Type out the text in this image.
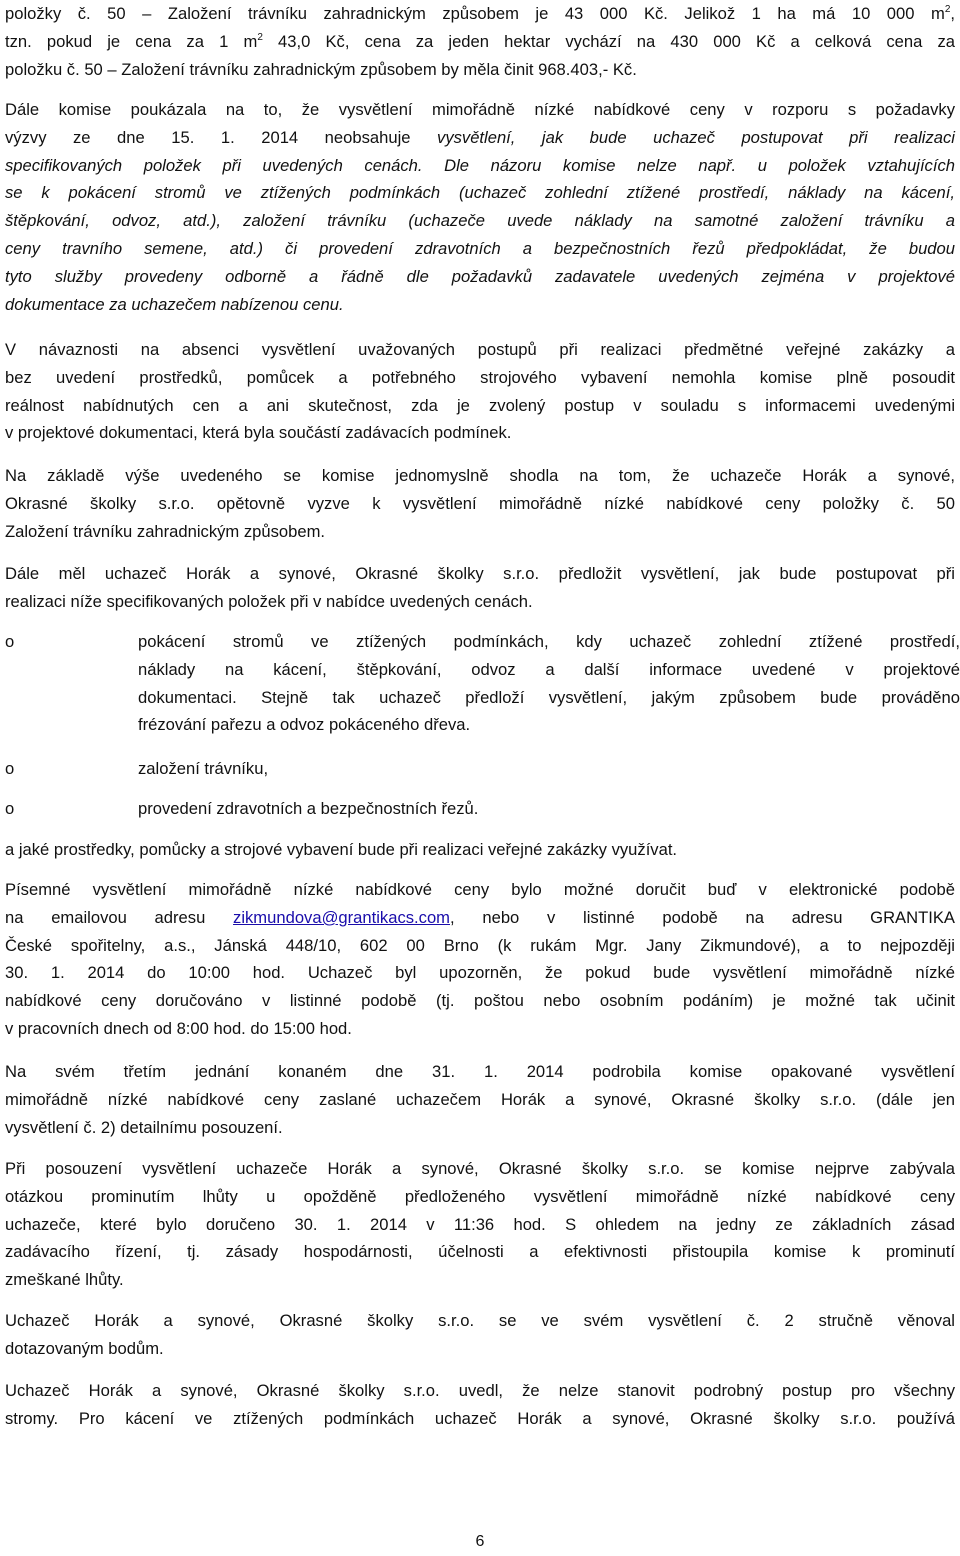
položky č. 50 – Založení trávníku zahradnickým způsobem je 43 000 Kč. Jelikož 1 ha má 10 000 $m^2$,
tzn. pokud je cena za 1 $m^2$ 43,0 Kč, cena za jeden hektar vychází na 430 000 Kč a celková cena za
položku č. 50 – Založení trávníku zahradnickým způsobem by měla činit 968.403,- Kč.
Dále komise poukázala na to, že vysvětlení mimořádně nízké nabídkové ceny v rozporu s požadavky
výzvy ze dne 15. 1. 2014 neobsahuje vysvětlení, jak bude uchazeč postupovat při realizaci
specifikovaných položek při uvedených cenách. Dle názoru komise nelze např. u položek vztahujících
se k pokácení stromů ve ztížených podmínkách (uchazeč zohlední ztížené prostředí, náklady na kácení,
štěpkování, odvoz, atd.), založení trávníku (uchazeče uvede náklady na samotné založení trávníku a
ceny travního semene, atd.) či provedení zdravotních a bezpečnostních řezů předpokládat, že budou
tyto služby provedeny odborně a řádně dle požadavků zadavatele uvedených zejména v projektové
dokumentace za uchazečem nabízenou cenu.
V návaznosti na absenci vysvětlení uvažovaných postupů při realizaci předmětné veřejné zakázky a
bez uvedení prostředků, pomůcek a potřebného strojového vybavení nemohla komise plně posoudit
reálnost nabídnutých cen a ani skutečnost, zda je zvolený postup v souladu s informacemi uvedenými
v projektové dokumentaci, která byla součástí zadávacích podmínek.
Na základě výše uvedeného se komise jednomyslně shodla na tom, že uchazeče Horák a synové,
Okrasné školky s.r.o. opětovně vyzve k vysvětlení mimořádně nízké nabídkové ceny položky č. 50
Založení trávníku zahradnickým způsobem.
Dále měl uchazeč Horák a synové, Okrasné školky s.r.o. předložit vysvětlení, jak bude postupovat při
realizaci níže specifikovaných položek při v nabídce uvedených cenách.
o	pokácení stromů ve ztížených podmínkách, kdy uchazeč zohlední ztížené prostředí,
náklady na kácení, štěpkování, odvoz a další informace uvedené v projektové
dokumentaci. Stejně tak uchazeč předloží vysvětlení, jakým způsobem bude prováděno
frézování pařezu a odvoz pokáceného dřeva.
o	založení trávníku,
o	provedení zdravotních a bezpečnostních řezů.
a jaké prostředky, pomůcky a strojové vybavení bude při realizaci veřejné zakázky využívat.
Písemné vysvětlení mimořádně nízké nabídkové ceny bylo možné doručit buď v elektronické podobě
na emailovou adresu zikmundova@grantikacs.com, nebo v listinné podobě na adresu GRANTIKA
České spořitelny, a.s., Jánská 448/10, 602 00 Brno (k rukám Mgr. Jany Zikmundové), a to nejpozději
30. 1. 2014 do 10:00 hod. Uchazeč byl upozorněn, že pokud bude vysvětlení mimořádně nízké
nabídkové ceny doručováno v listinné podobě (tj. poštou nebo osobním podáním) je možné tak učinit
v pracovních dnech od 8:00 hod. do 15:00 hod.
Na svém třetím jednání konaném dne 31. 1. 2014 podrobila komise opakované vysvětlení
mimořádně nízké nabídkové ceny zaslané uchazečem Horák a synové, Okrasné školky s.r.o. (dále jen
vysvětlení č. 2) detailnímu posouzení.
Při posouzení vysvětlení uchazeče Horák a synové, Okrasné školky s.r.o. se komise nejprve zabývala
otázkou prominutím lhůty u opožděně předloženého vysvětlení mimořádně nízké nabídkové ceny
uchazeče, které bylo doručeno 30. 1. 2014 v 11:36 hod. S ohledem na jedny ze základních zásad
zadávacího řízení, tj. zásady hospodárnosti, účelnosti a efektivnosti přistoupila komise k prominutí
zmeškané lhůty.
Uchazeč Horák a synové, Okrasné školky s.r.o. se ve svém vysvětlení č. 2 stručně věnoval
dotazovaným bodům.
Uchazeč Horák a synové, Okrasné školky s.r.o. uvedl, že nelze stanovit podrobný postup pro všechny
stromy. Pro kácení ve ztížených podmínkách uchazeč Horák a synové, Okrasné školky s.r.o. používá
6
